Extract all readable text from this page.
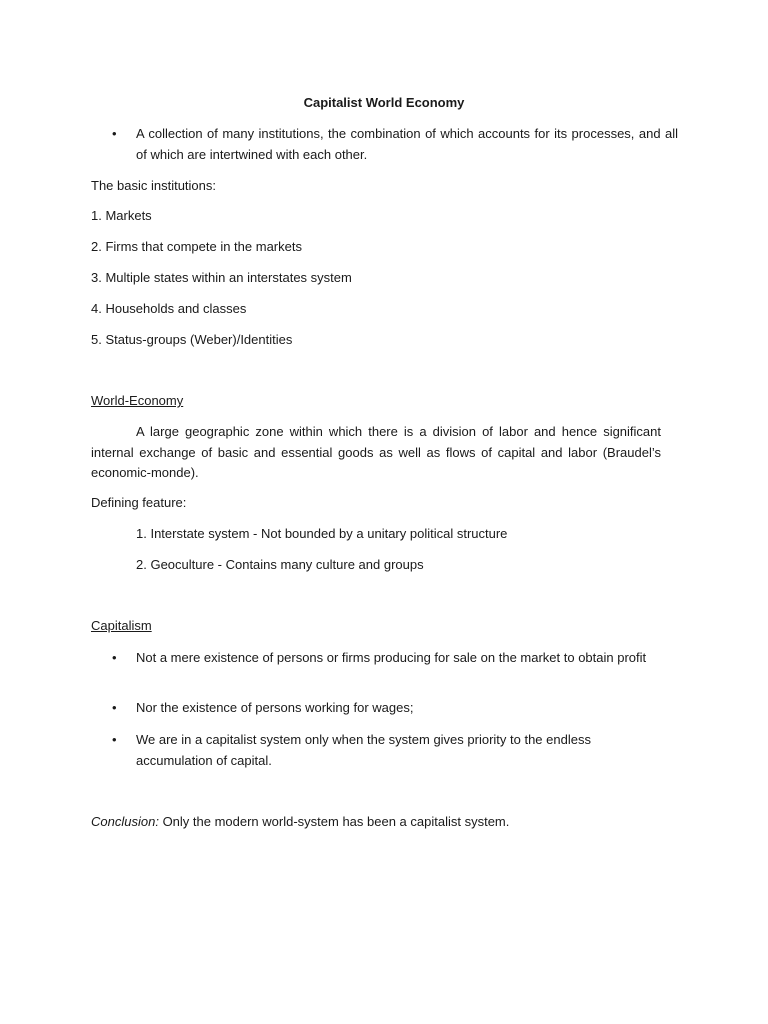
Capitalist World Economy
• A collection of many institutions, the combination of which accounts for its processes, and all of which are intertwined with each other.
The basic institutions:
1. Markets
2. Firms that compete in the markets
3. Multiple states within an interstates system
4. Households and classes
5. Status-groups (Weber)/Identities
World-Economy
A large geographic zone within which there is a division of labor and hence significant internal exchange of basic and essential goods as well as flows of capital and labor (Braudel’s economic-monde).
Defining feature:
1. Interstate system - Not bounded by a unitary political structure
2. Geoculture - Contains many culture and groups
Capitalism
• Not a mere existence of persons or firms producing for sale on the market to obtain profit
• Nor the existence of persons working for wages;
• We are in a capitalist system only when the system gives priority to the endless accumulation of capital.
Conclusion: Only the modern world-system has been a capitalist system.
